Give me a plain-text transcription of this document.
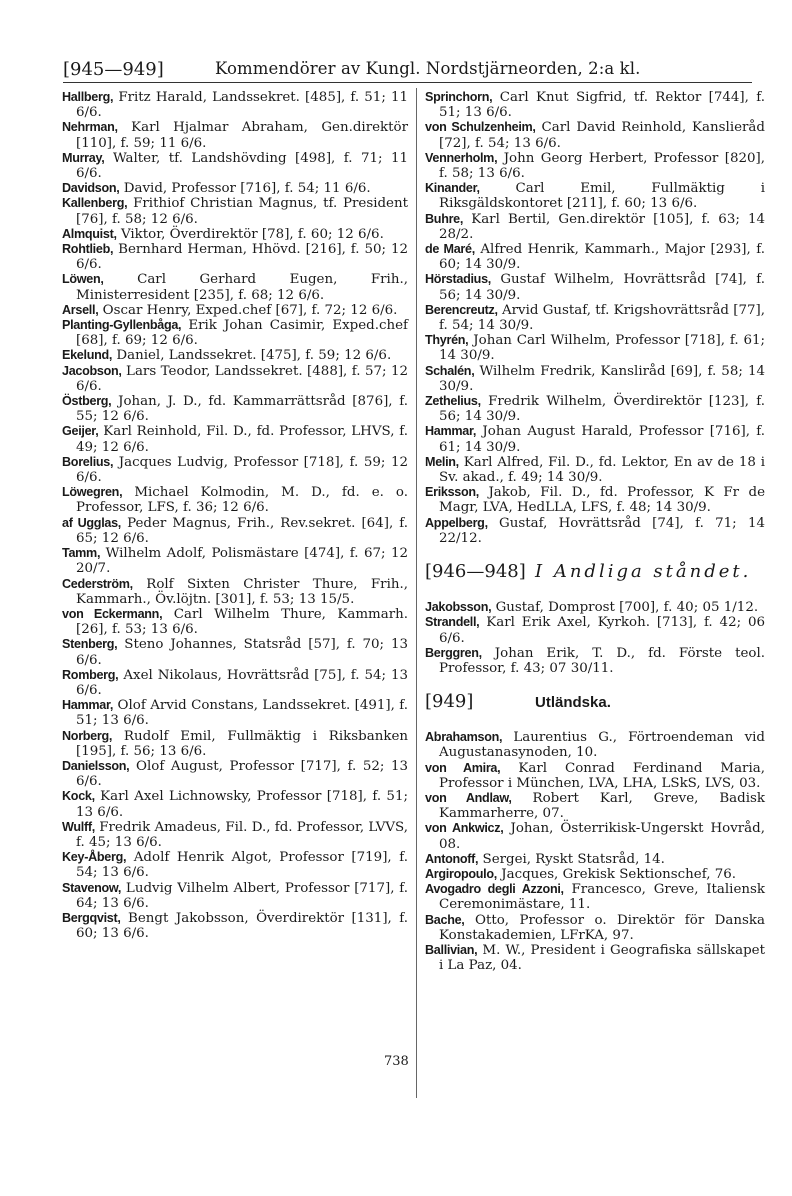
[945—949]	Kommendörer av Kungl. Nordstjärneorden, 2:a kl.
Hallberg, Fritz Harald, Landssekret. [485], f. 51; 11 6/6.
Nehrman, Karl Hjalmar Abraham, Gen.direktör [110], f. 59; 11 6/6.
Murray, Walter, tf. Landshövding [498], f. 71; 11 6/6.
Davidson, David, Professor [716], f. 54; 11 6/6.
Kallenberg, Frithiof Christian Magnus, tf. President [76], f. 58; 12 6/6.
Almquist, Viktor, Överdirektör [78], f. 60; 12 6/6.
Rohtlieb, Bernhard Herman, Hhövd. [216], f. 50; 12 6/6.
Löwen,	Carl Gerhard Eugen, Frih., Ministerresident [235], f. 68; 12 6/6.
Arsell, Oscar Henry, Exped.chef [67], f. 72; 12 6/6.
Planting-Gyllenbåga, Erik Johan Casimir, Exped.chef [68], f. 69; 12 6/6.
Ekelund, Daniel, Landssekret. [475], f. 59; 12 6/6.
Jacobson, Lars Teodor, Landssekret. [488], f. 57; 12 6/6.
Östberg, Johan, J. D., fd. Kammarrättsråd [876], f. 55; 12 6/6.
Geijer, Karl Reinhold, Fil. D., fd. Professor, LHVS, f. 49; 12 6/6.
Borelius, Jacques Ludvig, Professor [718], f. 59; 12 6/6.
Löwegren, Michael Kolmodin, M. D., fd. e. o. Professor, LFS, f. 36; 12 6/6.
af Ugglas, Peder Magnus, Frih., Rev.sekret. [64], f. 65; 12 6/6.
Tamm, Wilhelm Adolf, Polismästare [474], f. 67; 12 20/7.
Cederström, Rolf Sixten Christer Thure, Frih., Kammarh., Öv.löjtn. [301], f. 53; 13 15/5.
von Eckermann, Carl Wilhelm Thure, Kammarh. [26], f. 53; 13 6/6.
Stenberg, Steno Johannes, Statsråd [57], f. 70; 13 6/6.
Romberg, Axel Nikolaus, Hovrättsråd [75], f. 54; 13 6/6.
Hammar, Olof Arvid Constans, Landssekret. [491], f. 51; 13 6/6.
Norberg, Rudolf Emil, Fullmäktig i Riksbanken [195], f. 56; 13 6/6.
Danielsson, Olof August, Professor [717], f. 52; 13 6/6.
Kock, Karl Axel Lichnowsky, Professor [718], f. 51; 13 6/6.
Wulff, Fredrik Amadeus, Fil. D., fd. Professor, LVVS, f. 45; 13 6/6.
Key-Åberg, Adolf Henrik Algot, Professor [719], f. 54; 13 6/6.
Stavenow, Ludvig Vilhelm Albert, Professor [717], f. 64; 13 6/6.
Bergqvist, Bengt Jakobsson, Överdirektör [131], f. 60; 13 6/6.
Sprinchorn, Carl Knut Sigfrid, tf. Rektor [744], f. 51; 13 6/6.
von Schulzenheim, Carl David Reinhold, Kanslieråd [72], f. 54; 13 6/6.
Vennerholm, John Georg Herbert, Professor [820], f. 58; 13 6/6.
Kinander,	Carl Emil, Fullmäktig i Riksgäldskontoret [211], f. 60; 13 6/6.
Buhre, Karl Bertil, Gen.direktör [105], f. 63; 14 28/2.
de Maré, Alfred Henrik, Kammarh., Major [293], f. 60; 14 30/9.
Hörstadius, Gustaf Wilhelm, Hovrättsråd [74], f. 56; 14 30/9.
Berencreutz, Arvid Gustaf, tf. Krigshovrättsråd [77], f. 54; 14 30/9.
Thyrén, Johan Carl Wilhelm, Professor [718], f. 61; 14 30/9.
Schalén, Wilhelm Fredrik, Kansliråd [69], f. 58; 14 30/9.
Zethelius, Fredrik Wilhelm, Överdirektör [123], f. 56; 14 30/9.
Hammar, Johan August Harald, Professor [716], f. 61; 14 30/9.
Melin, Karl Alfred, Fil. D., fd. Lektor, En av de 18 i Sv. akad., f. 49; 14 30/9.
Eriksson, Jakob, Fil. D., fd. Professor, K Fr de Magr, LVA, HedLLA, LFS, f. 48; 14 30/9.
Appelberg, Gustaf, Hovrättsråd [74], f. 71; 14 22/12.
[946—948] I Andliga ståndet.
Jakobsson, Gustaf, Domprost [700], f. 40; 05 1/12.
Strandell, Karl Erik Axel, Kyrkoh. [713], f. 42; 06 6/6.
Berggren, Johan Erik, T. D., fd. Förste teol. Professor, f. 43; 07 30/11.
[949]	Utländska.
Abrahamson, Laurentius G., Förtroendeman vid Augustanasynoden, 10.
von Amira, Karl Conrad Ferdinand Maria, Professor i München, LVA, LHA, LSkS, LVS, 03.
von Andlaw, Robert Karl, Greve, Badisk Kammarherre, 07.
von Ankwicz, Johan, Österrikisk-Ungerskt Hovråd, 08.
Antonoff, Sergei, Ryskt Statsråd, 14.
Argiropoulo, Jacques, Grekisk Sektionschef, 76.
Avogadro degli Azzoni, Francesco, Greve, Italiensk Ceremonimästare, 11.
Bache, Otto, Professor o. Direktör för Danska Konstakademien, LFrKA, 97.
Ballivian, M. W., President i Geografiska sällskapet i La Paz, 04.
738
